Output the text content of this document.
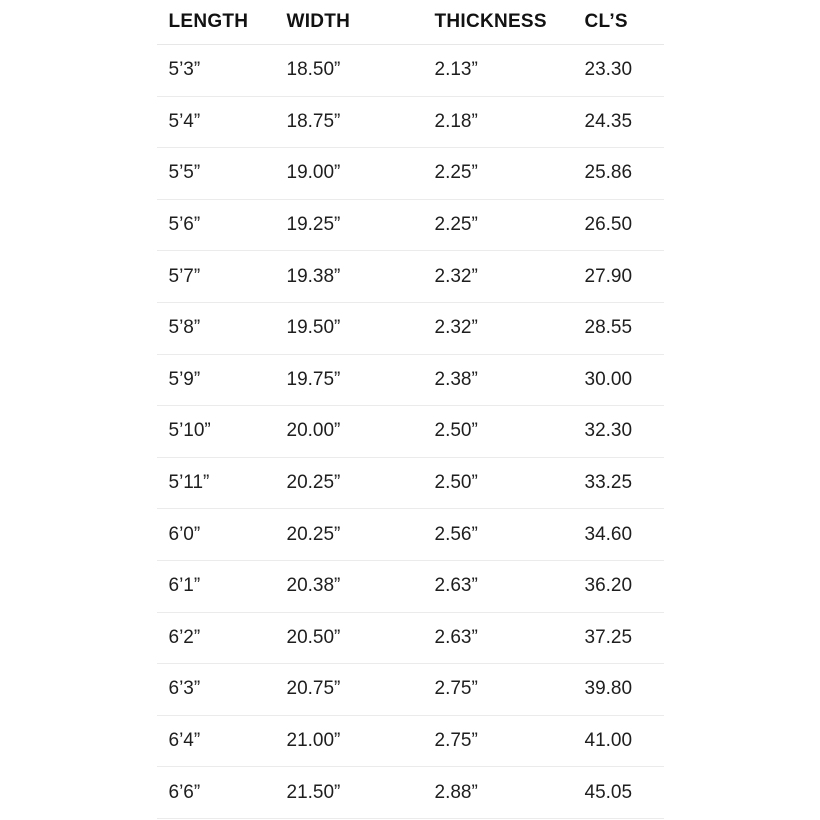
LENGTH	WIDTH	THICKNESS	CL’S
5’3”	18.50”	2.13”	23.30
5’4”	18.75”	2.18”	24.35
5’5”	19.00”	2.25”	25.86
5’6”	19.25”	2.25”	26.50
5’7”	19.38”	2.32”	27.90
5’8”	19.50”	2.32”	28.55
5’9”	19.75”	2.38”	30.00
5’10”	20.00”	2.50”	32.30
5’11”	20.25”	2.50”	33.25
6’0”	20.25”	2.56”	34.60
6’1”	20.38”	2.63”	36.20
6’2”	20.50”	2.63”	37.25
6’3”	20.75”	2.75”	39.80
6’4”	21.00”	2.75”	41.00
6’6”	21.50”	2.88”	45.05
